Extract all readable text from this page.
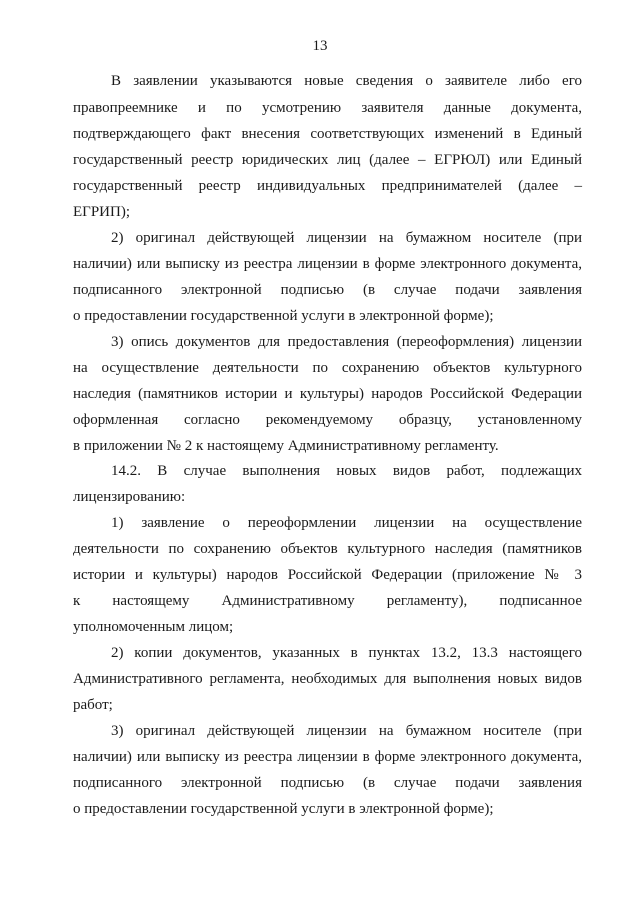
13
В заявлении указываются новые сведения о заявителе либо его
правопреемнике и по усмотрению заявителя данные документа,
подтверждающего факт внесения соответствующих изменений в Единый
государственный реестр юридических лиц (далее – ЕГРЮЛ) или Единый
государственный реестр индивидуальных предпринимателей (далее –
ЕГРИП);
2) оригинал действующей лицензии на бумажном носителе (при
наличии) или выписку из реестра лицензии в форме электронного документа,
подписанного электронной подписью (в случае подачи заявления
о предоставлении государственной услуги в электронной форме);
3) опись документов для предоставления (переоформления) лицензии
на осуществление деятельности по сохранению объектов культурного
наследия (памятников истории и культуры) народов Российской Федерации
оформленная согласно рекомендуемому образцу, установленному
в приложении № 2 к настоящему Административному регламенту.
14.2. В случае выполнения новых видов работ, подлежащих
лицензированию:
1) заявление о переоформлении лицензии на осуществление
деятельности по сохранению объектов культурного наследия (памятников
истории и культуры) народов Российской Федерации (приложение № 3
к настоящему Административному регламенту), подписанное
уполномоченным лицом;
2) копии документов, указанных в пунктах 13.2, 13.3 настоящего
Административного регламента, необходимых для выполнения новых видов
работ;
3) оригинал действующей лицензии на бумажном носителе (при
наличии) или выписку из реестра лицензии в форме электронного документа,
подписанного электронной подписью (в случае подачи заявления
о предоставлении государственной услуги в электронной форме);
